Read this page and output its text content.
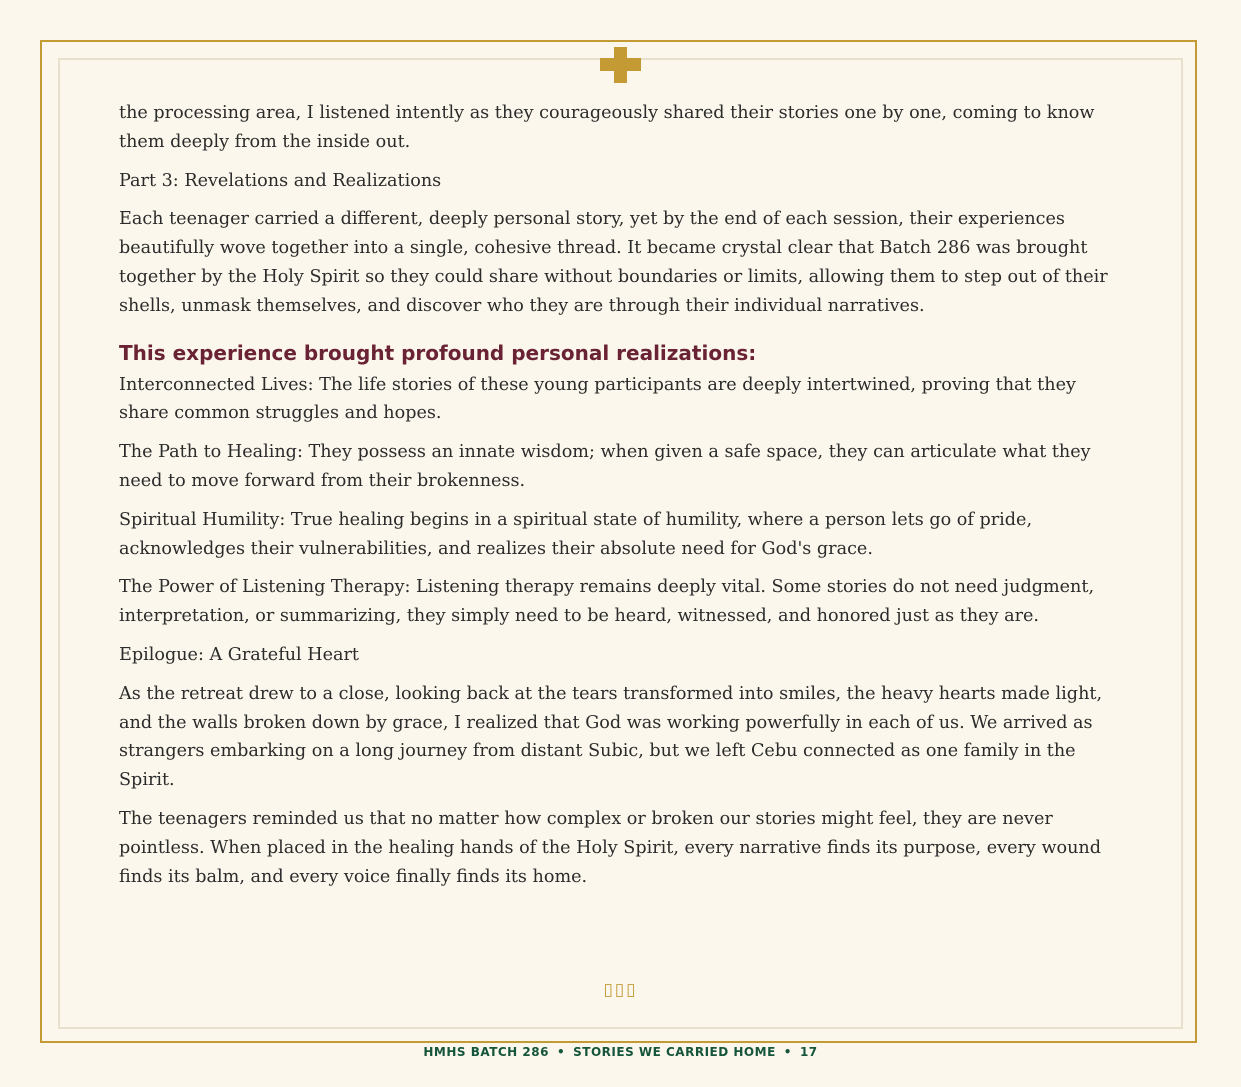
the processing area, I listened intently as they courageously shared their stories one by one, coming to know them deeply from the inside out.

Part 3: Revelations and Realizations

Each teenager carried a different, deeply personal story, yet by the end of each session, their experiences beautifully wove together into a single, cohesive thread. It became crystal clear that Batch 286 was brought together by the Holy Spirit so they could share without boundaries or limits, allowing them to step out of their shells, unmask themselves, and discover who they are through their individual narratives.

This experience brought profound personal realizations:

Interconnected Lives: The life stories of these young participants are deeply intertwined, proving that they share common struggles and hopes.

The Path to Healing: They possess an innate wisdom; when given a safe space, they can articulate what they need to move forward from their brokenness.

Spiritual Humility: True healing begins in a spiritual state of humility, where a person lets go of pride, acknowledges their vulnerabilities, and realizes their absolute need for God's grace.

The Power of Listening Therapy: Listening therapy remains deeply vital. Some stories do not need judgment, interpretation, or summarizing, they simply need to be heard, witnessed, and honored just as they are.

Epilogue: A Grateful Heart

As the retreat drew to a close, looking back at the tears transformed into smiles, the heavy hearts made light, and the walls broken down by grace, I realized that God was working powerfully in each of us. We arrived as strangers embarking on a long journey from distant Subic, but we left Cebu connected as one family in the Spirit.

The teenagers reminded us that no matter how complex or broken our stories might feel, they are never pointless. When placed in the healing hands of the Holy Spirit, every narrative finds its purpose, every wound finds its balm, and every voice finally finds its home.

▯▯▯
HMHS BATCH 286 • STORIES WE CARRIED HOME • 17
